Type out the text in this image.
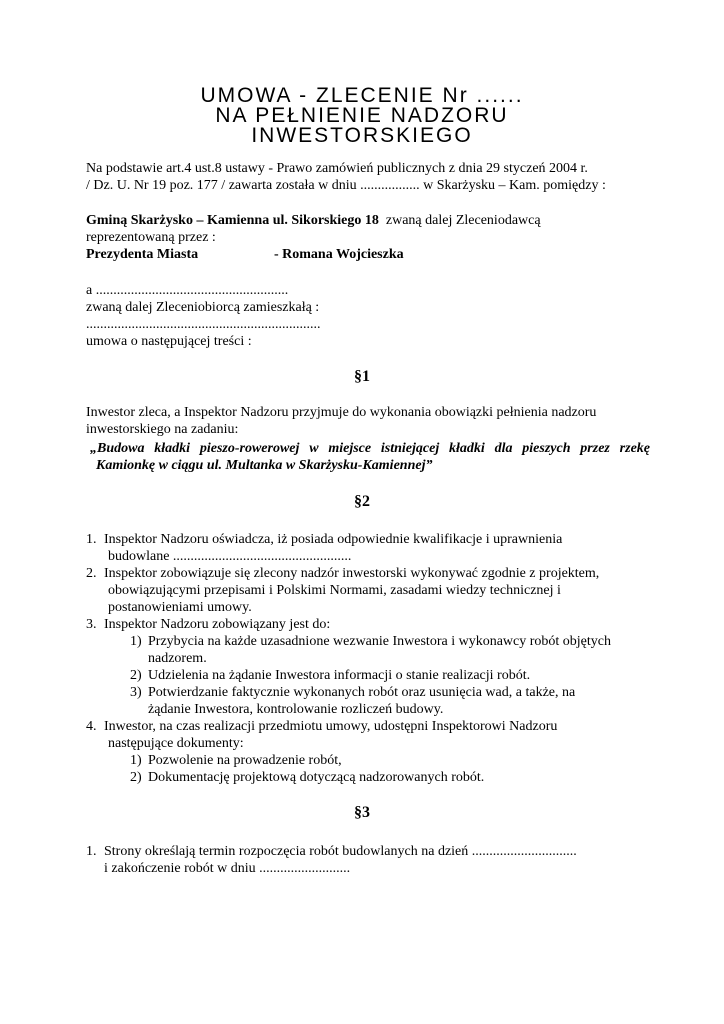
UMOWA - ZLECENIE Nr ......
NA PEŁNIENIE NADZORU
INWESTORSKIEGO
Na podstawie art.4 ust.8 ustawy - Prawo zamówień publicznych z dnia 29 styczeń 2004 r.
/ Dz. U. Nr 19 poz. 177 / zawarta została w dniu ................. w Skarżysku – Kam. pomiędzy :
Gminą Skarżysko – Kamienna ul. Sikorskiego 18  zwaną dalej Zleceniodawcą
reprezentowaną przez :
Prezydenta Miasta	- Romana Wojcieszka
a .......................................................
zwaną dalej Zleceniobiorcą zamieszkałą :
...................................................................
umowa o następującej treści :
§1
Inwestor zleca, a Inspektor Nadzoru przyjmuje do wykonania obowiązki pełnienia nadzoru
inwestorskiego na zadaniu:
„Budowa kładki pieszo-rowerowej w miejsce istniejącej kładki dla pieszych przez rzekę
Kamionkę w ciągu ul. Multanka w Skarżysku-Kamiennej”
§2
1. Inspektor Nadzoru oświadcza, iż posiada odpowiednie kwalifikacje i uprawnienia
budowlane ...................................................
2. Inspektor zobowiązuje się zlecony nadzór inwestorski wykonywać zgodnie z projektem,
obowiązującymi przepisami i Polskimi Normami, zasadami wiedzy technicznej i
postanowieniami umowy.
3. Inspektor Nadzoru zobowiązany jest do:
1) Przybycia na każde uzasadnione wezwanie Inwestora i wykonawcy robót objętych
nadzorem.
2) Udzielenia na żądanie Inwestora informacji o stanie realizacji robót.
3) Potwierdzanie faktycznie wykonanych robót oraz usunięcia wad, a także, na
żądanie Inwestora, kontrolowanie rozliczeń budowy.
4. Inwestor, na czas realizacji przedmiotu umowy, udostępni Inspektorowi Nadzoru
następujące dokumenty:
1) Pozwolenie na prowadzenie robót,
2) Dokumentację projektową dotyczącą nadzorowanych robót.
§3
1. Strony określają termin rozpoczęcia robót budowlanych na dzień ..............................
i zakończenie robót w dniu ..........................
